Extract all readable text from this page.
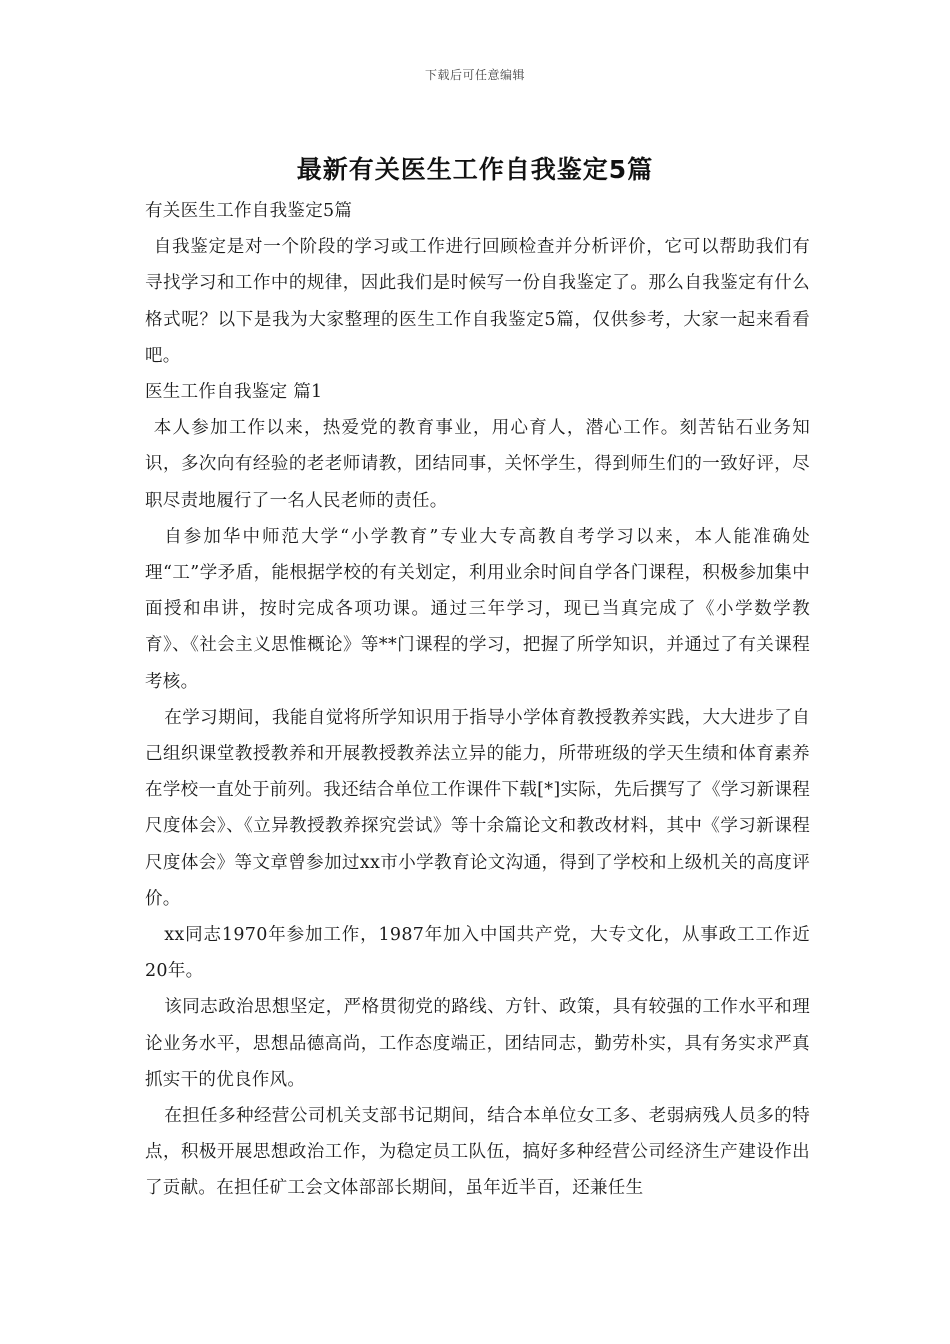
下载后可任意编辑
最新有关医生工作自我鉴定5篇

有关医生工作自我鉴定5篇

自我鉴定是对一个阶段的学习或工作进行回顾检查并分析评价，它可以帮助我们有寻找学习和工作中的规律，因此我们是时候写一份自我鉴定了。那么自我鉴定有什么格式呢？以下是我为大家整理的医生工作自我鉴定5篇，仅供参考，大家一起来看看吧。

医生工作自我鉴定 篇1

本人参加工作以来，热爱党的教育事业，用心育人，潜心工作。刻苦钻石业务知识，多次向有经验的老老师请教，团结同事，关怀学生，得到师生们的一致好评，尽职尽责地履行了一名人民老师的责任。

自参加华中师范大学“小学教育”专业大专高教自考学习以来，本人能准确处理“工”学矛盾，能根据学校的有关划定，利用业余时间自学各门课程，积极参加集中面授和串讲，按时完成各项功课。通过三年学习，现已当真完成了《小学数学教育》、《社会主义思惟概论》等**门课程的学习，把握了所学知识，并通过了有关课程考核。

在学习期间，我能自觉将所学知识用于指导小学体育教授教养实践，大大进步了自己组织课堂教授教养和开展教授教养法立异的能力，所带班级的学天生绩和体育素养在学校一直处于前列。我还结合单位工作课件下载[*]实际，先后撰写了《学习新课程尺度体会》、《立异教授教养探究尝试》等十余篇论文和教改材料，其中《学习新课程尺度体会》等文章曾参加过xx市小学教育论文沟通，得到了学校和上级机关的高度评价。

xx同志1970年参加工作，1987年加入中国共产党，大专文化，从事政工工作近20年。

该同志政治思想坚定，严格贯彻党的路线、方针、政策，具有较强的工作水平和理论业务水平，思想品德高尚，工作态度端正，团结同志，勤劳朴实，具有务实求严真抓实干的优良作风。

在担任多种经营公司机关支部书记期间，结合本单位女工多、老弱病残人员多的特点，积极开展思想政治工作，为稳定员工队伍，搞好多种经营公司经济生产建设作出了贡献。在担任矿工会文体部部长期间，虽年近半百，还兼任生
